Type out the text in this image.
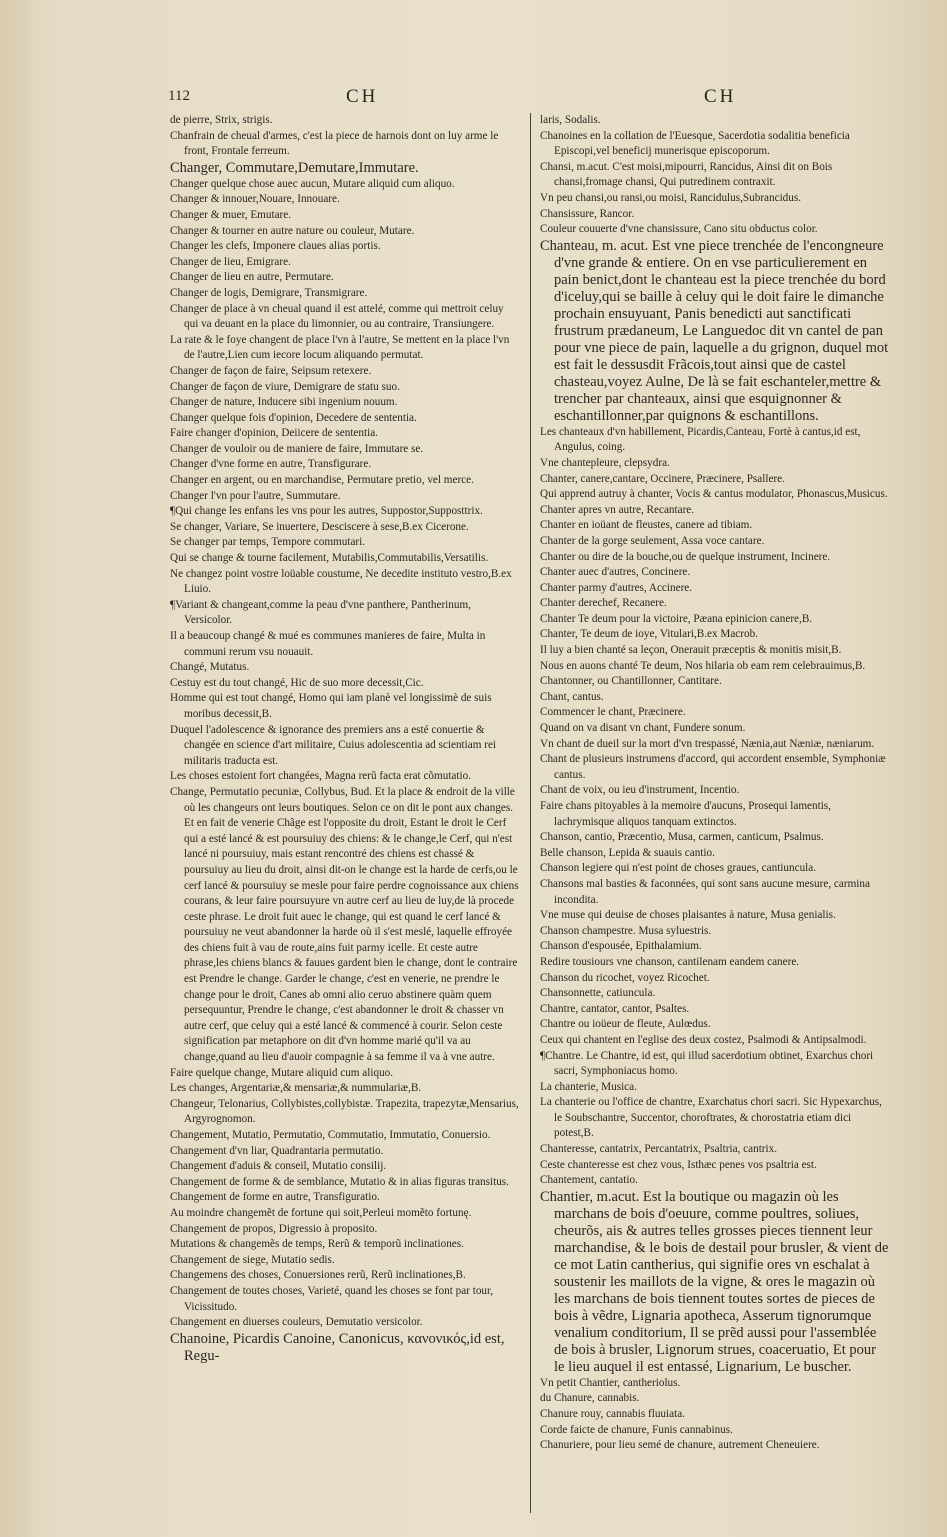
112	CH	CH
de pierre, Strix, strigis.
Chanfrain de cheual d'armes, c'est la piece de harnois dont on luy arme le front, Frontale ferreum.
Changer, Commutare,Demutare,Immutare.
Changer quelque chose auec aucun, Mutare aliquid cum aliquo.
Changer & innouer,Nouare, Innouare.
Changer & muer, Emutare.
Changer & tourner en autre nature ou couleur, Mutare.
Changer les clefs, Imponere claues alias portis.
Changer de lieu, Emigrare.
Changer de lieu en autre, Permutare.
Changer de logis, Demigrare, Transmigrare.
Changer de place à vn cheual quand il est attelé, comme qui mettroit celuy qui va deuant en la place du limonnier, ou au contraire, Transiungere.
La rate & le foye changent de place l'vn à l'autre, Se mettent en la place l'vn de l'autre,Lien cum iecore locum aliquando permutat.
Changer de façon de faire, Seipsum retexere.
Changer de façon de viure, Demigrare de statu suo.
Changer de nature, Inducere sibi ingenium nouum.
Changer quelque fois d'opinion, Decedere de sententia.
Faire changer d'opinion, Deiicere de sententia.
Changer de vouloir ou de maniere de faire, Immutare se.
Changer d'vne forme en autre, Transfigurare.
Changer en argent, ou en marchandise, Permutare pretio, vel merce.
Changer l'vn pour l'autre, Summutare.
¶Qui change les enfans les vns pour les autres, Suppostor,Supposttrix.
Se changer, Variare, Se inuertere, Desciscere à sese,B.ex Cicerone.
Se changer par temps, Tempore commutari.
Qui se change & tourne facilement, Mutabilis,Commutabilis,Versatilis.
Ne changez point vostre loüable coustume, Ne decedite instituto vestro,B.ex Liuio.
¶Variant & changeant,comme la peau d'vne panthere, Pantherinum, Versicolor.
Il a beaucoup changé & mué es communes manieres de faire, Multa in communi rerum vsu nouauit.
Changé, Mutatus.
Cestuy est du tout changé, Hic de suo more decessit,Cic.
Homme qui est tout changé, Homo qui iam planè vel longissimè de suis moribus decessit,B.
Duquel l'adolescence & ignorance des premiers ans a esté conuertie & changée en science d'art militaire, Cuius adolescentia ad scientiam rei militaris traducta est.
Les choses estoient fort changées, Magna rerũ facta erat cõmutatio.
Change, Permutatio pecuniæ, Collybus, Bud. Et la place & endroit de la ville où les changeurs ont leurs boutiques. Selon ce on dit le pont aux changes. Et en fait de venerie Chãge est l'opposite du droit, Estant le droit le Cerf qui a esté lancé & est poursuiuy des chiens: & le change,le Cerf, qui n'est lancé ni poursuiuy, mais estant rencontré des chiens est chassé & poursuiuy au lieu du droit, ainsi dit-on le change est la harde de cerfs,ou le cerf lancé & poursuiuy se mesle pour faire perdre cognoissance aux chiens courans, & leur faire poursuyure vn autre cerf au lieu de luy,de là procede ceste phrase. Le droit fuit auec le change, qui est quand le cerf lancé & poursuiuy ne veut abandonner la harde où il s'est meslé, laquelle effroyée des chiens fuit à vau de route,ains fuit parmy icelle. Et ceste autre phrase,les chiens blancs & fauues gardent bien le change, dont le contraire est Prendre le change. Garder le change, c'est en venerie, ne prendre le change pour le droit, Canes ab omni alio ceruo abstinere quàm quem persequuntur, Prendre le change, c'est abandonner le droit & chasser vn autre cerf, que celuy qui a esté lancé & commencé à courir. Selon ceste signification par metaphore on dit d'vn homme marié qu'il va au change,quand au lieu d'auoir compagnie à sa femme il va à vne autre.
Faire quelque change, Mutare aliquid cum aliquo.
Les changes, Argentariæ,& mensariæ,& nummulariæ,B.
Changeur, Telonarius, Collybistes,collybistæ. Trapezita, trapezytæ,Mensarius, Argyrognomon.
Changement, Mutatio, Permutatio, Commutatio, Immutatio, Conuersio.
Changement d'vn liar, Quadrantaria permutatio.
Changement d'aduis & conseil, Mutatio consilij.
Changement de forme & de semblance, Mutatio & in alias figuras transitus.
Changement de forme en autre, Transfiguratio.
Au moindre changemẽt de fortune qui soit,Perleui momẽto fortunę.
Changement de propos, Digressio à proposito.
Mutations & changemẽs de temps, Rerũ & temporũ inclinationes.
Changement de siege, Mutatio sedis.
Changemens des choses, Conuersiones rerũ, Rerũ inclinationes,B.
Changement de toutes choses, Varieté, quand les choses se font par tour, Vicissitudo.
Changement en diuerses couleurs, Demutatio versicolor.
Chanoine, Picardis Canoine, Canonicus, κανονικός,id est, Regu-
laris, Sodalis.
Chanoines en la collation de l'Euesque, Sacerdotia sodalitia beneficia Episcopi,vel beneficij munerisque episcoporum.
Chansi, m.acut. C'est moisi,mipourri, Rancidus, Ainsi dit on Bois chansi,fromage chansi, Qui putredinem contraxit.
Vn peu chansi,ou ransi,ou moisi, Rancidulus,Subrancidus.
Chansissure, Rancor.
Couleur couuerte d'vne chansissure, Cano situ obductus color.
Chanteau, m. acut. Est vne piece trenchée de l'encongneure d'vne grande & entiere. On en vse particulierement en pain benict,dont le chanteau est la piece trenchée du bord d'iceluy,qui se baille à celuy qui le doit faire le dimanche prochain ensuyuant, Panis benedicti aut sanctificati frustrum prædaneum, Le Languedoc dit vn cantel de pan pour vne piece de pain, laquelle a du grignon, duquel mot est fait le dessusdit Frãcois,tout ainsi que de castel chasteau,voyez Aulne, De là se fait eschanteler,mettre & trencher par chanteaux, ainsi que esquignonner & eschantillonner,par quignons & eschantillons.
Les chanteaux d'vn habillement, Picardis,Canteau, Fortè à cantus,id est, Angulus, coing.
Vne chantepleure, clepsydra.
Chanter, canere,cantare, Occinere, Præcinere, Psallere.
Qui apprend autruy à chanter, Vocis & cantus modulator, Phonascus,Musicus.
Chanter apres vn autre, Recantare.
Chanter en ioüant de fleustes, canere ad tibiam.
Chanter de la gorge seulement, Assa voce cantare.
Chanter ou dire de la bouche,ou de quelque instrument, Incinere.
Chanter auec d'autres, Concinere.
Chanter parmy d'autres, Accinere.
Chanter derechef, Recanere.
Chanter Te deum pour la victoire, Pæana epinicion canere,B.
Chanter, Te deum de ioye, Vitulari,B.ex Macrob.
Il luy a bien chanté sa leçon, Onerauit præceptis & monitis misit,B.
Nous en auons chanté Te deum, Nos hilaria ob eam rem celebrauimus,B.
Chantonner, ou Chantillonner, Cantitare.
Chant, cantus.
Commencer le chant, Præcinere.
Quand on va disant vn chant, Fundere sonum.
Vn chant de dueil sur la mort d'vn trespassé, Nænia,aut Næniæ, næniarum.
Chant de plusieurs instrumens d'accord, qui accordent ensemble, Symphoniæ cantus.
Chant de voix, ou ieu d'instrument, Incentio.
Faire chans pitoyables à la memoire d'aucuns, Prosequi lamentis, lachrymisque aliquos tanquam extinctos.
Chanson, cantio, Præcentio, Musa, carmen, canticum, Psalmus.
Belle chanson, Lepida & suauis cantio.
Chanson legiere qui n'est point de choses graues, cantiuncula.
Chansons mal basties & faconnées, qui sont sans aucune mesure, carmina incondita.
Vne muse qui deuise de choses plaisantes à nature, Musa genialis.
Chanson champestre. Musa syluestris.
Chanson d'espousée, Epithalamium.
Redire tousiours vne chanson, cantilenam eandem canere.
Chanson du ricochet, voyez Ricochet.
Chansonnette, catiuncula.
Chantre, cantator, cantor, Psaltes.
Chantre ou ioüeur de fleute, Aulœdus.
Ceux qui chantent en l'eglise des deux costez, Psalmodi & Antipsalmodi.
¶Chantre. Le Chantre, id est, qui illud sacerdotium obtinet, Exarchus chori sacri, Symphoniacus homo.
La chanterie, Musica.
La chanterie ou l'office de chantre, Exarchatus chori sacri. Sic Hypexarchus, le Soubschantre, Succentor, choroftrates, & chorostatria etiam dici potest,B.
Chanteresse, cantatrix, Percantatrix, Psaltria, cantrix.
Ceste chanteresse est chez vous, Isthæc penes vos psaltria est.
Chantement, cantatio.
Chantier, m.acut. Est la boutique ou magazin où les marchans de bois d'oeuure, comme poultres, soliues, cheurõs, ais & autres telles grosses pieces tiennent leur marchandise, & le bois de destail pour brusler, & vient de ce mot Latin cantherius, qui signifie ores vn eschalat à soustenir les maillots de la vigne, & ores le magazin où les marchans de bois tiennent toutes sortes de pieces de bois à vẽdre, Lignaria apotheca, Asserum tignorumque venalium conditorium, Il se prẽd aussi pour l'assemblée de bois à brusler, Lignorum strues, coaceruatio, Et pour le lieu auquel il est entassé, Lignarium, Le buscher.
Vn petit Chantier, cantheriolus.
du Chanure, cannabis.
Chanure rouy, cannabis fluuiata.
Corde faicte de chanure, Funis cannabinus.
Chanuriere, pour lieu semé de chanure, autrement Cheneuiere.
